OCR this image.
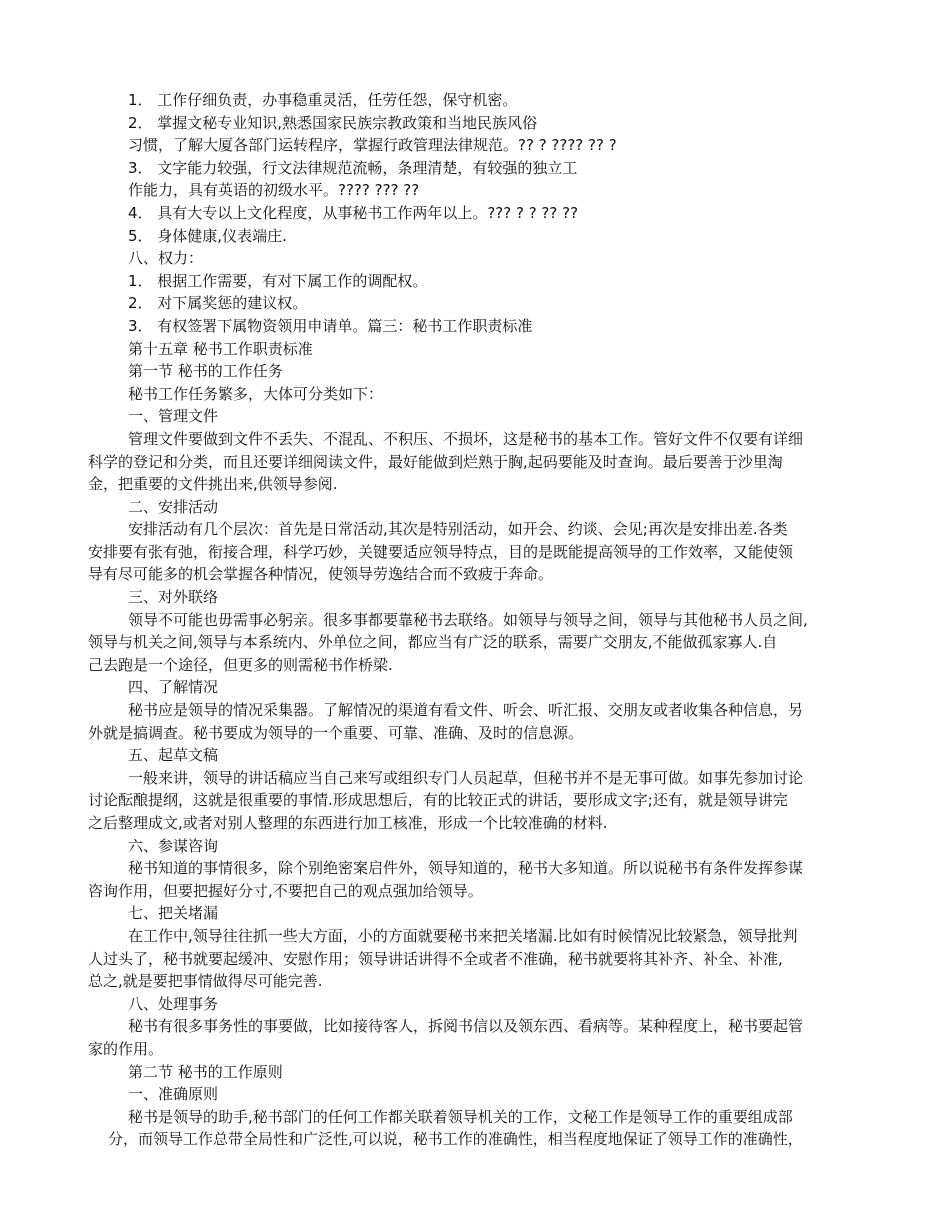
1． 工作仔细负责，办事稳重灵活，任劳任怨，保守机密。
2． 掌握文秘专业知识,熟悉国家民族宗教政策和当地民族风俗
习惯，了解大厦各部门运转程序，掌握行政管理法律规范。?? ? ???? ?? ?
3． 文字能力较强，行文法律规范流畅，条理清楚，有较强的独立工
作能力，具有英语的初级水平。???? ??? ??
4． 具有大专以上文化程度，从事秘书工作两年以上。??? ? ? ?? ??
5． 身体健康,仪表端庄.
八、权力：
1． 根据工作需要，有对下属工作的调配权。
2． 对下属奖惩的建议权。
3． 有权签署下属物资领用申请单。篇三：秘书工作职责标准
第十五章 秘书工作职责标准
第一节 秘书的工作任务
秘书工作任务繁多，大体可分类如下：
一、管理文件
管理文件要做到文件不丢失、不混乱、不积压、不损坏，这是秘书的基本工作。管好文件不仅要有详细
科学的登记和分类，而且还要详细阅读文件，最好能做到烂熟于胸,起码要能及时查询。最后要善于沙里淘
金，把重要的文件挑出来,供领导参阅.
二、安排活动
安排活动有几个层次：首先是日常活动,其次是特别活动，如开会、约谈、会见;再次是安排出差.各类
安排要有张有弛，衔接合理，科学巧妙，关键要适应领导特点，目的是既能提高领导的工作效率，又能使领
导有尽可能多的机会掌握各种情况，使领导劳逸结合而不致疲于奔命。
三、对外联络
领导不可能也毋需事必躬亲。很多事都要靠秘书去联络。如领导与领导之间，领导与其他秘书人员之间,
领导与机关之间,领导与本系统内、外单位之间，都应当有广泛的联系，需要广交朋友,不能做孤家寡人.自
己去跑是一个途径，但更多的则需秘书作桥梁.
四、了解情况
秘书应是领导的情况采集器。了解情况的渠道有看文件、听会、听汇报、交朋友或者收集各种信息，另
外就是搞调查。秘书要成为领导的一个重要、可靠、准确、及时的信息源。
五、起草文稿
一般来讲，领导的讲话稿应当自己来写或组织专门人员起草，但秘书并不是无事可做。如事先参加讨论
讨论酝酿提纲，这就是很重要的事情.形成思想后，有的比较正式的讲话，要形成文字;还有，就是领导讲完
之后整理成文,或者对别人整理的东西进行加工核准，形成一个比较准确的材料.
六、参谋咨询
秘书知道的事情很多，除个别绝密案启件外，领导知道的，秘书大多知道。所以说秘书有条件发挥参谋
咨询作用，但要把握好分寸,不要把自己的观点强加给领导。
七、把关堵漏
在工作中,领导往往抓一些大方面，小的方面就要秘书来把关堵漏.比如有时候情况比较紧急，领导批判
人过头了，秘书就要起缓冲、安慰作用；领导讲话讲得不全或者不准确，秘书就要将其补齐、补全、补准,
总之,就是要把事情做得尽可能完善.
八、处理事务
秘书有很多事务性的事要做，比如接待客人，拆阅书信以及领东西、看病等。某种程度上，秘书要起管
家的作用。
第二节 秘书的工作原则
一、准确原则
秘书是领导的助手,秘书部门的任何工作都关联着领导机关的工作，文秘工作是领导工作的重要组成部
分，而领导工作总带全局性和广泛性,可以说，秘书工作的准确性，相当程度地保证了领导工作的准确性，
